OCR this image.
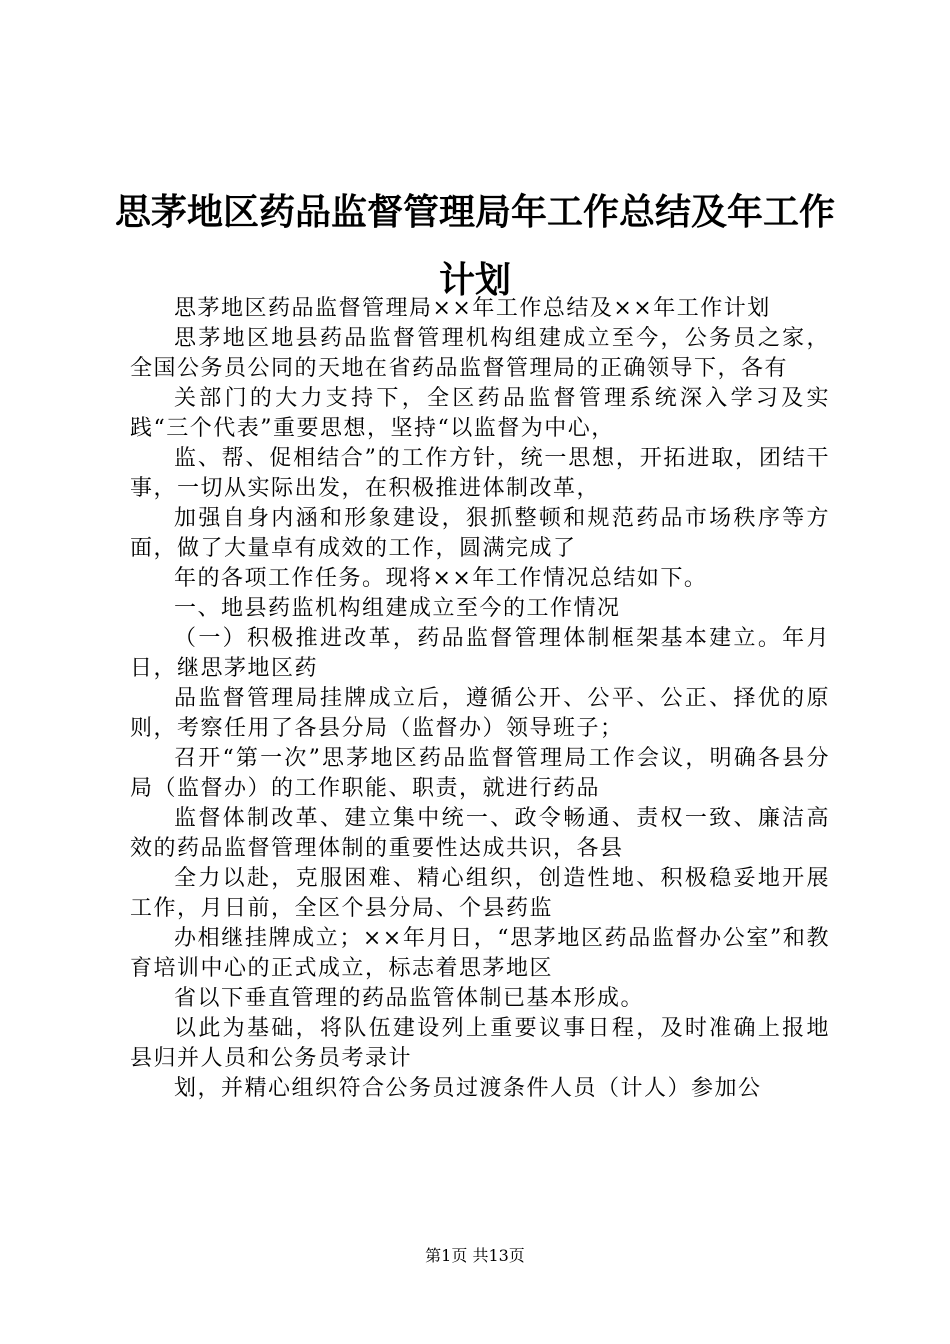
思茅地区药品监督管理局年工作总结及年工作
计划

思茅地区药品监督管理局××年工作总结及××年工作计划

思茅地区地县药品监督管理机构组建成立至今，公务员之家，全国公务员公同的天地在省药品监督管理局的正确领导下，各有

关部门的大力支持下，全区药品监督管理系统深入学习及实践“三个代表”重要思想，坚持“以监督为中心，

监、帮、促相结合”的工作方针，统一思想，开拓进取，团结干事，一切从实际出发，在积极推进体制改革，

加强自身内涵和形象建设，狠抓整顿和规范药品市场秩序等方面，做了大量卓有成效的工作，圆满完成了

年的各项工作任务。现将××年工作情况总结如下。

一、地县药监机构组建成立至今的工作情况

（一）积极推进改革，药品监督管理体制框架基本建立。年月日，继思茅地区药

品监督管理局挂牌成立后，遵循公开、公平、公正、择优的原则，考察任用了各县分局（监督办）领导班子；

召开“第一次”思茅地区药品监督管理局工作会议，明确各县分局（监督办）的工作职能、职责，就进行药品

监督体制改革、建立集中统一、政令畅通、责权一致、廉洁高效的药品监督管理体制的重要性达成共识，各县

全力以赴，克服困难、精心组织，创造性地、积极稳妥地开展工作，月日前，全区个县分局、个县药监

办相继挂牌成立；××年月日，“思茅地区药品监督办公室”和教育培训中心的正式成立，标志着思茅地区

省以下垂直管理的药品监管体制已基本形成。

以此为基础，将队伍建设列上重要议事日程，及时准确上报地县归并人员和公务员考录计

划，并精心组织符合公务员过渡条件人员（计人）参加公

第1页 共13页
